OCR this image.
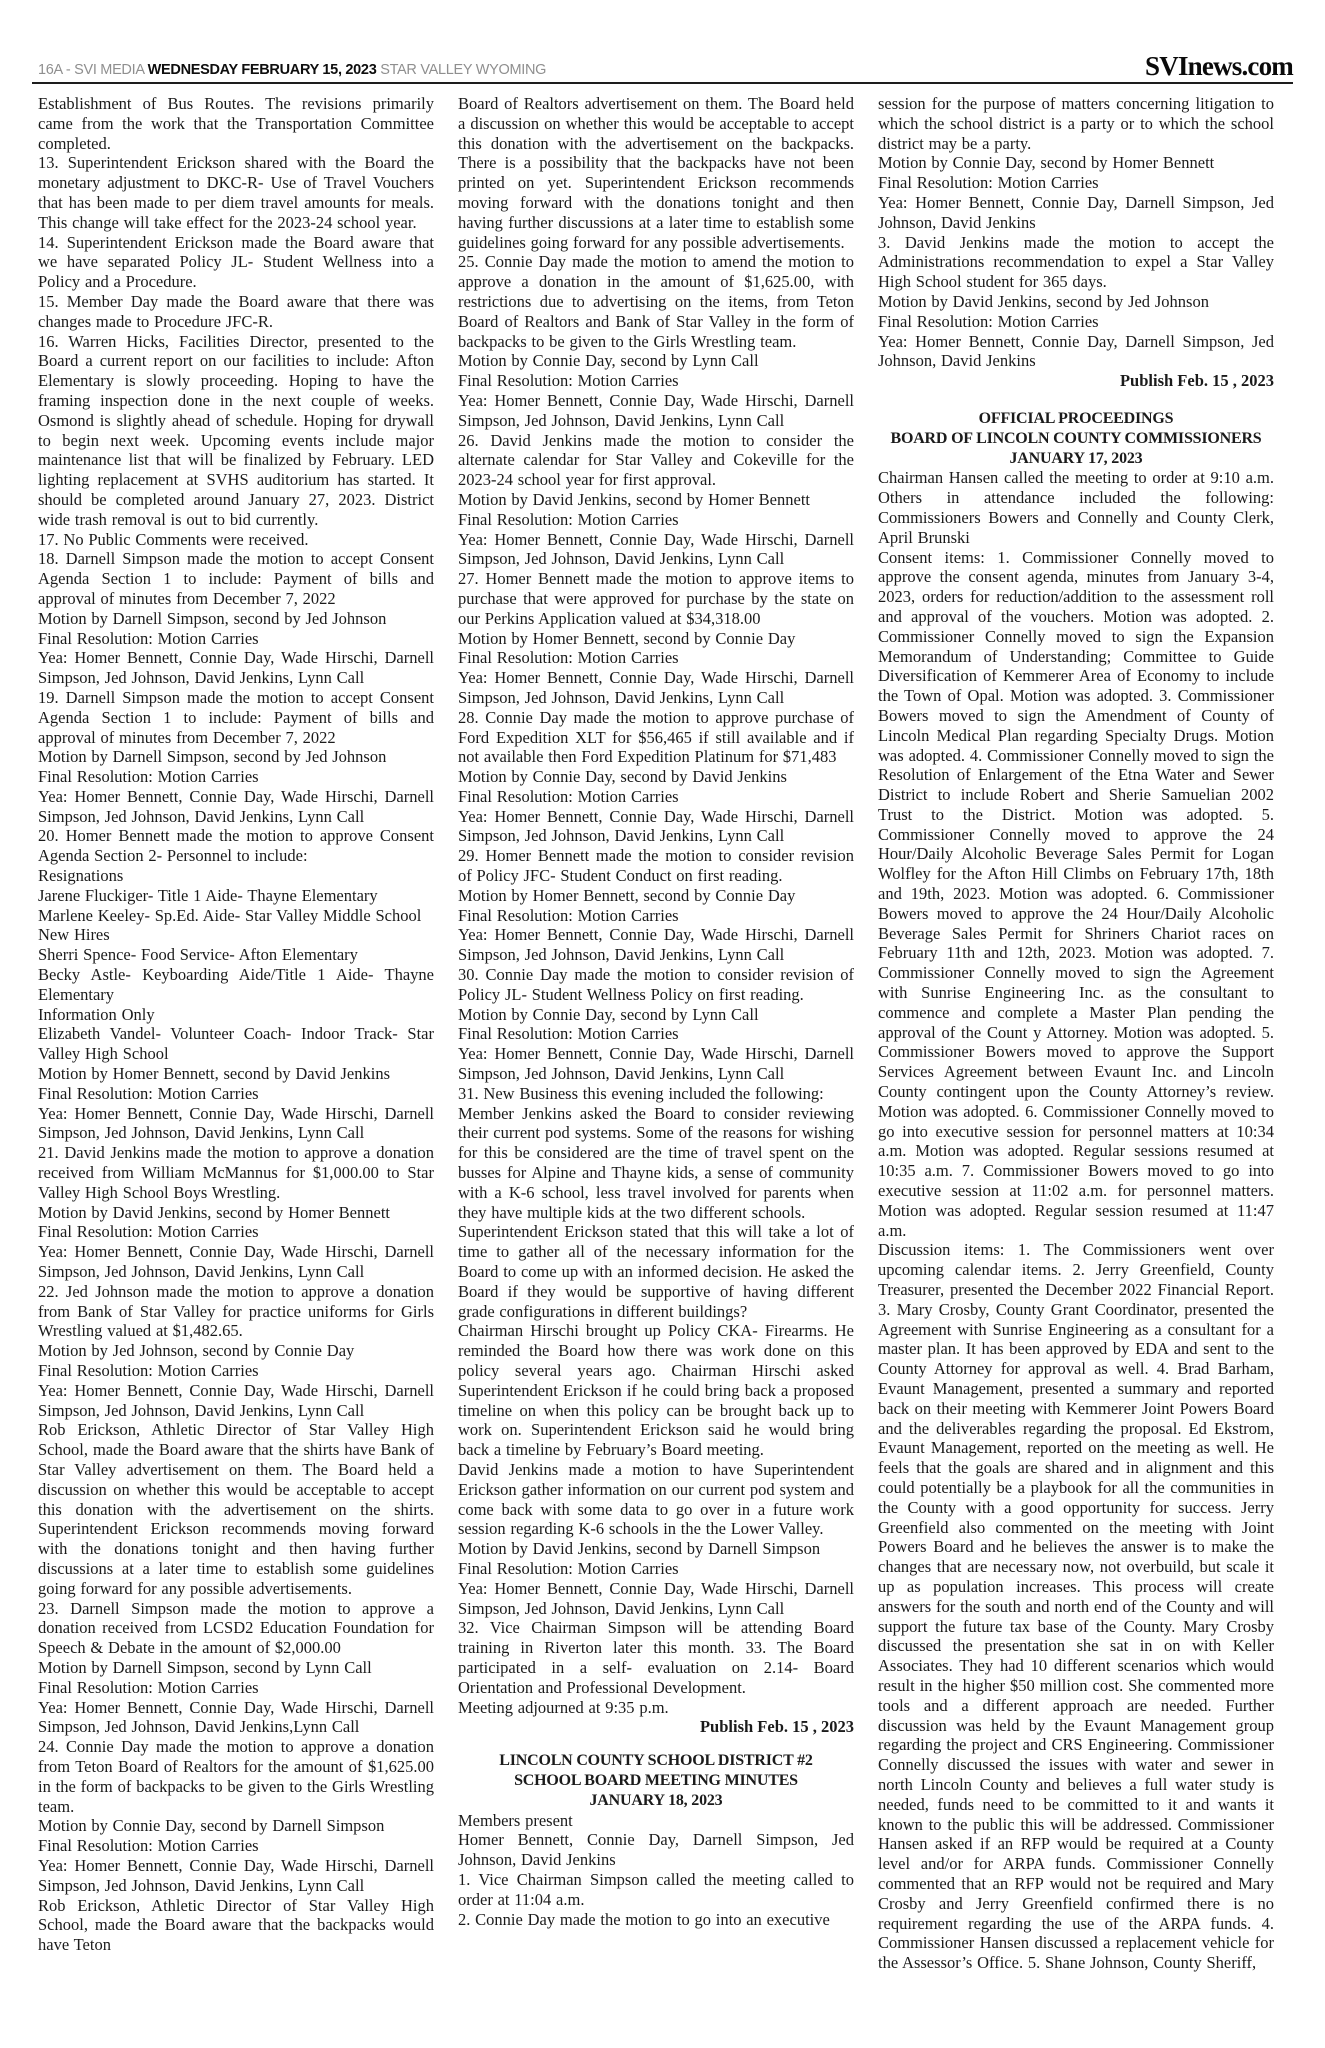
16A - SVI MEDIA WEDNESDAY FEBRUARY 15, 2023 STAR VALLEY WYOMING	SVInews.com
Establishment of Bus Routes. The revisions primarily came from the work that the Transportation Committee completed.
13. Superintendent Erickson shared with the Board the monetary adjustment to DKC-R- Use of Travel Vouchers that has been made to per diem travel amounts for meals. This change will take effect for the 2023-24 school year.
14. Superintendent Erickson made the Board aware that we have separated Policy JL- Student Wellness into a Policy and a Procedure.
15. Member Day made the Board aware that there was changes made to Procedure JFC-R.
16. Warren Hicks, Facilities Director, presented to the Board a current report on our facilities to include: Afton Elementary is slowly proceeding. Hoping to have the framing inspection done in the next couple of weeks. Osmond is slightly ahead of schedule. Hoping for drywall to begin next week. Upcoming events include major maintenance list that will be finalized by February. LED lighting replacement at SVHS auditorium has started. It should be completed around January 27, 2023. District wide trash removal is out to bid currently.
17. No Public Comments were received.
18. Darnell Simpson made the motion to accept Consent Agenda Section 1 to include: Payment of bills and approval of minutes from December 7, 2022
Motion by Darnell Simpson, second by Jed Johnson
Final Resolution: Motion Carries
Yea: Homer Bennett, Connie Day, Wade Hirschi, Darnell Simpson, Jed Johnson, David Jenkins, Lynn Call
19. Darnell Simpson made the motion to accept Consent Agenda Section 1 to include: Payment of bills and approval of minutes from December 7, 2022
Motion by Darnell Simpson, second by Jed Johnson
Final Resolution: Motion Carries
Yea: Homer Bennett, Connie Day, Wade Hirschi, Darnell Simpson, Jed Johnson, David Jenkins, Lynn Call
20. Homer Bennett made the motion to approve Consent Agenda Section 2- Personnel to include:
Resignations
Jarene Fluckiger- Title 1 Aide- Thayne Elementary
Marlene Keeley- Sp.Ed. Aide- Star Valley Middle School
New Hires
Sherri Spence- Food Service- Afton Elementary
Becky Astle- Keyboarding Aide/Title 1 Aide- Thayne Elementary
Information Only
Elizabeth Vandel- Volunteer Coach- Indoor Track- Star Valley High School
Motion by Homer Bennett, second by David Jenkins
Final Resolution: Motion Carries
Yea: Homer Bennett, Connie Day, Wade Hirschi, Darnell Simpson, Jed Johnson, David Jenkins, Lynn Call
21. David Jenkins made the motion to approve a donation received from William McMannus for $1,000.00 to Star Valley High School Boys Wrestling.
Motion by David Jenkins, second by Homer Bennett
Final Resolution: Motion Carries
Yea: Homer Bennett, Connie Day, Wade Hirschi, Darnell Simpson, Jed Johnson, David Jenkins, Lynn Call
22. Jed Johnson made the motion to approve a donation from Bank of Star Valley for practice uniforms for Girls Wrestling valued at $1,482.65.
Motion by Jed Johnson, second by Connie Day
Final Resolution: Motion Carries
Yea: Homer Bennett, Connie Day, Wade Hirschi, Darnell Simpson, Jed Johnson, David Jenkins, Lynn Call
Rob Erickson, Athletic Director of Star Valley High School, made the Board aware that the shirts have Bank of Star Valley advertisement on them. The Board held a discussion on whether this would be acceptable to accept this donation with the advertisement on the shirts. Superintendent Erickson recommends moving forward with the donations tonight and then having further discussions at a later time to establish some guidelines going forward for any possible advertisements.
23. Darnell Simpson made the motion to approve a donation received from LCSD2 Education Foundation for Speech & Debate in the amount of $2,000.00
Motion by Darnell Simpson, second by Lynn Call
Final Resolution: Motion Carries
Yea: Homer Bennett, Connie Day, Wade Hirschi, Darnell Simpson, Jed Johnson, David Jenkins,Lynn Call
24. Connie Day made the motion to approve a donation from Teton Board of Realtors for the amount of $1,625.00 in the form of backpacks to be given to the Girls Wrestling team.
Motion by Connie Day, second by Darnell Simpson
Final Resolution: Motion Carries
Yea: Homer Bennett, Connie Day, Wade Hirschi, Darnell Simpson, Jed Johnson, David Jenkins, Lynn Call
Rob Erickson, Athletic Director of Star Valley High School, made the Board aware that the backpacks would have Teton
Board of Realtors advertisement on them. The Board held a discussion on whether this would be acceptable to accept this donation with the advertisement on the backpacks. There is a possibility that the backpacks have not been printed on yet. Superintendent Erickson recommends moving forward with the donations tonight and then having further discussions at a later time to establish some guidelines going forward for any possible advertisements.
25. Connie Day made the motion to amend the motion to approve a donation in the amount of $1,625.00, with restrictions due to advertising on the items, from Teton Board of Realtors and Bank of Star Valley in the form of backpacks to be given to the Girls Wrestling team.
Motion by Connie Day, second by Lynn Call
Final Resolution: Motion Carries
Yea: Homer Bennett, Connie Day, Wade Hirschi, Darnell Simpson, Jed Johnson, David Jenkins, Lynn Call
26. David Jenkins made the motion to consider the alternate calendar for Star Valley and Cokeville for the 2023-24 school year for first approval.
Motion by David Jenkins, second by Homer Bennett
Final Resolution: Motion Carries
Yea: Homer Bennett, Connie Day, Wade Hirschi, Darnell Simpson, Jed Johnson, David Jenkins, Lynn Call
27. Homer Bennett made the motion to approve items to purchase that were approved for purchase by the state on our Perkins Application valued at $34,318.00
Motion by Homer Bennett, second by Connie Day
Final Resolution: Motion Carries
Yea: Homer Bennett, Connie Day, Wade Hirschi, Darnell Simpson, Jed Johnson, David Jenkins, Lynn Call
28. Connie Day made the motion to approve purchase of Ford Expedition XLT for $56,465 if still available and if not available then Ford Expedition Platinum for $71,483
Motion by Connie Day, second by David Jenkins
Final Resolution: Motion Carries
Yea: Homer Bennett, Connie Day, Wade Hirschi, Darnell Simpson, Jed Johnson, David Jenkins, Lynn Call
29. Homer Bennett made the motion to consider revision of Policy JFC- Student Conduct on first reading.
Motion by Homer Bennett, second by Connie Day
Final Resolution: Motion Carries
Yea: Homer Bennett, Connie Day, Wade Hirschi, Darnell Simpson, Jed Johnson, David Jenkins, Lynn Call
30. Connie Day made the motion to consider revision of Policy JL- Student Wellness Policy on first reading.
Motion by Connie Day, second by Lynn Call
Final Resolution: Motion Carries
Yea: Homer Bennett, Connie Day, Wade Hirschi, Darnell Simpson, Jed Johnson, David Jenkins, Lynn Call
31. New Business this evening included the following:
Member Jenkins asked the Board to consider reviewing their current pod systems. Some of the reasons for wishing for this be considered are the time of travel spent on the busses for Alpine and Thayne kids, a sense of community with a K-6 school, less travel involved for parents when they have multiple kids at the two different schools.
Superintendent Erickson stated that this will take a lot of time to gather all of the necessary information for the Board to come up with an informed decision. He asked the Board if they would be supportive of having different grade configurations in different buildings?
Chairman Hirschi brought up Policy CKA- Firearms. He reminded the Board how there was work done on this policy several years ago. Chairman Hirschi asked Superintendent Erickson if he could bring back a proposed timeline on when this policy can be brought back up to work on. Superintendent Erickson said he would bring back a timeline by February’s Board meeting.
David Jenkins made a motion to have Superintendent Erickson gather information on our current pod system and come back with some data to go over in a future work session regarding K-6 schools in the the Lower Valley.
Motion by David Jenkins, second by Darnell Simpson
Final Resolution: Motion Carries
Yea: Homer Bennett, Connie Day, Wade Hirschi, Darnell Simpson, Jed Johnson, David Jenkins, Lynn Call
32. Vice Chairman Simpson will be attending Board training in Riverton later this month. 33. The Board participated in a self- evaluation on 2.14- Board Orientation and Professional Development.
Meeting adjourned at 9:35 p.m.
Publish Feb. 15 , 2023
LINCOLN COUNTY SCHOOL DISTRICT #2
SCHOOL BOARD MEETING MINUTES
JANUARY 18, 2023
Members present
Homer Bennett, Connie Day, Darnell Simpson, Jed Johnson, David Jenkins
1. Vice Chairman Simpson called the meeting called to order at 11:04 a.m.
2. Connie Day made the motion to go into an executive
session for the purpose of matters concerning litigation to which the school district is a party or to which the school district may be a party.
Motion by Connie Day, second by Homer Bennett
Final Resolution: Motion Carries
Yea: Homer Bennett, Connie Day, Darnell Simpson, Jed Johnson, David Jenkins
3. David Jenkins made the motion to accept the Administrations recommendation to expel a Star Valley High School student for 365 days.
Motion by David Jenkins, second by Jed Johnson
Final Resolution: Motion Carries
Yea: Homer Bennett, Connie Day, Darnell Simpson, Jed Johnson, David Jenkins
Publish Feb. 15 , 2023
OFFICIAL PROCEEDINGS
BOARD OF LINCOLN COUNTY COMMISSIONERS
JANUARY 17, 2023
Chairman Hansen called the meeting to order at 9:10 a.m. Others in attendance included the following: Commissioners Bowers and Connelly and County Clerk, April Brunski
Consent items: 1. Commissioner Connelly moved to approve the consent agenda, minutes from January 3-4, 2023, orders for reduction/addition to the assessment roll and approval of the vouchers. Motion was adopted. 2. Commissioner Connelly moved to sign the Expansion Memorandum of Understanding; Committee to Guide Diversification of Kemmerer Area of Economy to include the Town of Opal. Motion was adopted. 3. Commissioner Bowers moved to sign the Amendment of County of Lincoln Medical Plan regarding Specialty Drugs. Motion was adopted. 4. Commissioner Connelly moved to sign the Resolution of Enlargement of the Etna Water and Sewer District to include Robert and Sherie Samuelian 2002 Trust to the District. Motion was adopted. 5. Commissioner Connelly moved to approve the 24 Hour/Daily Alcoholic Beverage Sales Permit for Logan Wolfley for the Afton Hill Climbs on February 17th, 18th and 19th, 2023. Motion was adopted. 6. Commissioner Bowers moved to approve the 24 Hour/Daily Alcoholic Beverage Sales Permit for Shriners Chariot races on February 11th and 12th, 2023. Motion was adopted. 7. Commissioner Connelly moved to sign the Agreement with Sunrise Engineering Inc. as the consultant to commence and complete a Master Plan pending the approval of the Count y Attorney. Motion was adopted. 5. Commissioner Bowers moved to approve the Support Services Agreement between Evaunt Inc. and Lincoln County contingent upon the County Attorney’s review. Motion was adopted. 6. Commissioner Connelly moved to go into executive session for personnel matters at 10:34 a.m. Motion was adopted. Regular sessions resumed at 10:35 a.m. 7. Commissioner Bowers moved to go into executive session at 11:02 a.m. for personnel matters. Motion was adopted. Regular session resumed at 11:47 a.m.
Discussion items: 1. The Commissioners went over upcoming calendar items. 2. Jerry Greenfield, County Treasurer, presented the December 2022 Financial Report. 3. Mary Crosby, County Grant Coordinator, presented the Agreement with Sunrise Engineering as a consultant for a master plan. It has been approved by EDA and sent to the County Attorney for approval as well. 4. Brad Barham, Evaunt Management, presented a summary and reported back on their meeting with Kemmerer Joint Powers Board and the deliverables regarding the proposal. Ed Ekstrom, Evaunt Management, reported on the meeting as well. He feels that the goals are shared and in alignment and this could potentially be a playbook for all the communities in the County with a good opportunity for success. Jerry Greenfield also commented on the meeting with Joint Powers Board and he believes the answer is to make the changes that are necessary now, not overbuild, but scale it up as population increases. This process will create answers for the south and north end of the County and will support the future tax base of the County. Mary Crosby discussed the presentation she sat in on with Keller Associates. They had 10 different scenarios which would result in the higher $50 million cost. She commented more tools and a different approach are needed. Further discussion was held by the Evaunt Management group regarding the project and CRS Engineering. Commissioner Connelly discussed the issues with water and sewer in north Lincoln County and believes a full water study is needed, funds need to be committed to it and wants it known to the public this will be addressed. Commissioner Hansen asked if an RFP would be required at a County level and/or for ARPA funds. Commissioner Connelly commented that an RFP would not be required and Mary Crosby and Jerry Greenfield confirmed there is no requirement regarding the use of the ARPA funds. 4. Commissioner Hansen discussed a replacement vehicle for the Assessor’s Office. 5. Shane Johnson, County Sheriff,
